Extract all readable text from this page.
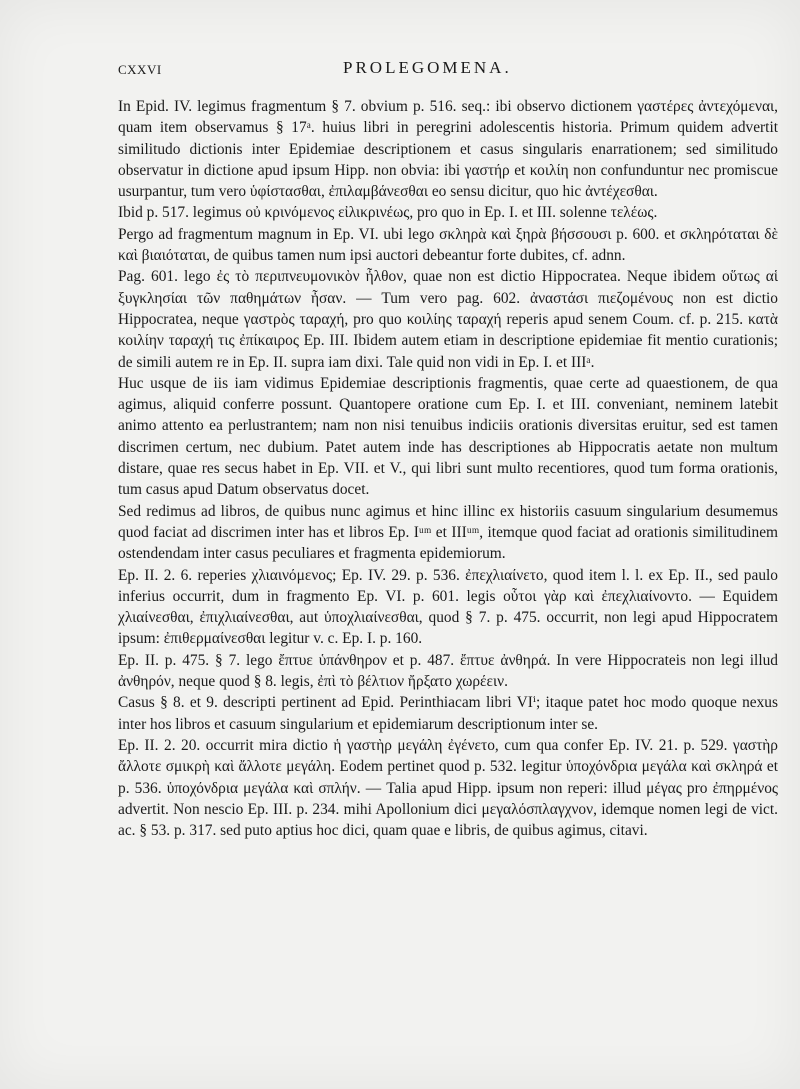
CXXVI	PROLEGOMENA.

In Epid. IV. legimus fragmentum § 7. obvium p. 516. seq.: ibi observo dictionem γαστέρες ἀντεχόμεναι, quam item observamus § 17ᵃ. huius libri in peregrini adolescentis historia. Primum quidem advertit similitudo dictionis inter Epidemiae descriptionem et casus singularis enarrationem; sed similitudo observatur in dictione apud ipsum Hipp. non obvia: ibi γαστήρ et κοιλίη non confunduntur nec promiscue usurpantur, tum vero ὑφίστασθαι, ἐπιλαμβάνεσθαι eo sensu dicitur, quo hic ἀντέχεσθαι.

Ibid p. 517. legimus οὐ κρινόμενος εἰλικρινέως, pro quo in Ep. I. et III. solenne τελέως.

Pergo ad fragmentum magnum in Ep. VI. ubi lego σκληρὰ καὶ ξηρὰ βήσσουσι p. 600. et σκληρόταται δὲ καὶ βιαιόταται, de quibus tamen num ipsi auctori debeantur forte dubites, cf. adnn.

Pag. 601. lego ἐς τὸ περιπνευμονικὸν ἦλθον, quae non est dictio Hippocratea. Neque ibidem οὕτως αἱ ξυγκλησίαι τῶν παθημάτων ἦσαν. — Tum vero pag. 602. ἀναστάσι πιεζομένους non est dictio Hippocratea, neque γαστρὸς ταραχή, pro quo κοιλίης ταραχή reperis apud senem Coum. cf. p. 215. κατὰ κοιλίην ταραχή τις ἐπίκαιρος Ep. III. Ibidem autem etiam in descriptione epidemiae fit mentio curationis; de simili autem re in Ep. II. supra iam dixi. Tale quid non vidi in Ep. I. et IIIᵃ.

Huc usque de iis iam vidimus Epidemiae descriptionis fragmentis, quae certe ad quaestionem, de qua agimus, aliquid conferre possunt. Quantopere oratione cum Ep. I. et III. conveniant, neminem latebit animo attento ea perlustrantem; nam non nisi tenuibus indiciis orationis diversitas eruitur, sed est tamen discrimen certum, nec dubium. Patet autem inde has descriptiones ab Hippocratis aetate non multum distare, quae res secus habet in Ep. VII. et V., qui libri sunt multo recentiores, quod tum forma orationis, tum casus apud Datum observatus docet.

Sed redimus ad libros, de quibus nunc agimus et hinc illinc ex historiis casuum singularium desumemus quod faciat ad discrimen inter has et libros Ep. Iᵘᵐ et IIIᵘᵐ, itemque quod faciat ad orationis similitudinem ostendendam inter casus peculiares et fragmenta epidemiorum.

Ep. II. 2. 6. reperies χλιαινόμενος; Ep. IV. 29. p. 536. ἐπεχλιαίνετο, quod item l. l. ex Ep. II., sed paulo inferius occurrit, dum in fragmento Ep. VI. p. 601. legis οὗτοι γὰρ καὶ ἐπεχλιαίνοντο. — Equidem χλιαίνεσθαι, ἐπιχλιαίνεσθαι, aut ὑποχλιαίνεσθαι, quod § 7. p. 475. occurrit, non legi apud Hippocratem ipsum: ἐπιθερμαίνεσθαι legitur v. c. Ep. I. p. 160.

Ep. II. p. 475. § 7. lego ἔπτυε ὑπάνθηρον et p. 487. ἔπτυε ἀνθηρά. In vere Hippocrateis non legi illud ἀνθηρόν, neque quod § 8. legis, ἐπὶ τὸ βέλτιον ἤρξατο χωρέειν.

Casus § 8. et 9. descripti pertinent ad Epid. Perinthiacam libri VIⁱ; itaque patet hoc modo quoque nexus inter hos libros et casuum singularium et epidemiarum descriptionum inter se.

Ep. II. 2. 20. occurrit mira dictio ἡ γαστὴρ μεγάλη ἐγένετο, cum qua confer Ep. IV. 21. p. 529. γαστὴρ ἄλλοτε σμικρὴ καὶ ἄλλοτε μεγάλη. Eodem pertinet quod p. 532. legitur ὑποχόνδρια μεγάλα καὶ σκληρά et p. 536. ὑποχόνδρια μεγάλα καὶ σπλήν. — Talia apud Hipp. ipsum non reperi: illud μέγας pro ἐπηρμένος advertit. Non nescio Ep. III. p. 234. mihi Apollonium dici μεγαλόσπλαγχνον, idemque nomen legi de vict. ac. § 53. p. 317. sed puto aptius hoc dici, quam quae e libris, de quibus agimus, citavi.
